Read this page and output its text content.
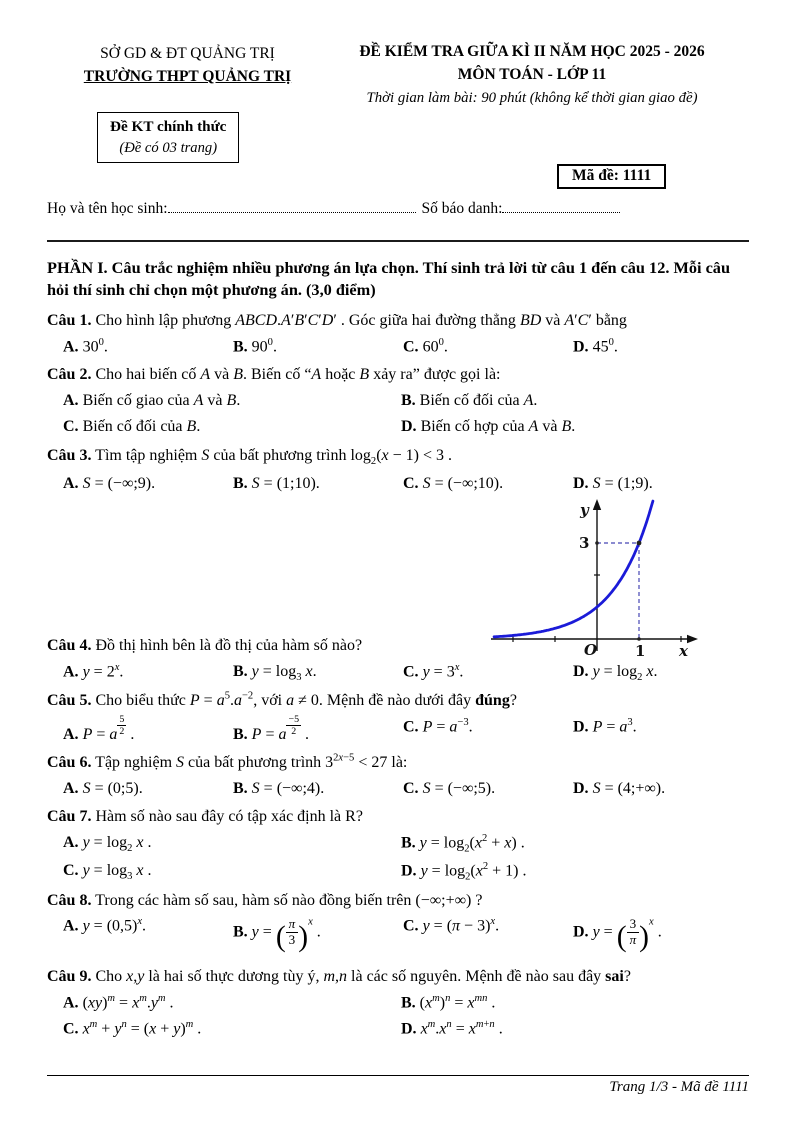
SỞ GD & ĐT QUẢNG TRỊ
TRƯỜNG THPT QUẢNG TRỊ
ĐỀ KIỂM TRA GIỮA KÌ II NĂM HỌC 2025 - 2026
MÔN TOÁN - LỚP 11
Thời gian làm bài: 90 phút (không kể thời gian giao đề)
Đề KT chính thức
(Đề có 03 trang)
Mã đề: 1111
Họ và tên học sinh:	Số báo danh:
PHẦN I. Câu trắc nghiệm nhiều phương án lựa chọn. Thí sinh trả lời từ câu 1 đến câu 12. Mỗi câu hỏi thí sinh chỉ chọn một phương án. (3,0 điểm)
Câu 1. Cho hình lập phương ABCD.A′B′C′D′ . Góc giữa hai đường thẳng BD và A′C′ bằng
A. $30^0$.	B. $90^0$.	C. $60^0$.	D. $45^0$.
Câu 2. Cho hai biến cố A và B. Biến cố “A hoặc B xảy ra” được gọi là:
A. Biến cố giao của A và B.	B. Biến cố đối của A.
C. Biến cố đối của B.	D. Biến cố hợp của A và B.
Câu 3. Tìm tập nghiệm S của bất phương trình $\log_2(x - 1) < 3$ .
A. S = (−∞;9).	B. S = (1;10).	C. S = (−∞;10).	D. S = (1;9).
y
x
O	1
3
Câu 4. Đồ thị hình bên là đồ thị của hàm số nào?
A. $y = 2^x$.	B. $y = \log_3 x$.	C. $y = 3^x$.	D. $y = \log_2 x$.
Câu 5. Cho biểu thức $P = a^5.a^{-2}$, với a ≠ 0. Mệnh đề nào dưới đây đúng?
A. P = a $^{\frac{5}{2}}$ .	B. P = a $^{\frac{-5}{2}}$ .	C. $P = a^{-3}$.	D. $P = a^3$.
Câu 6. Tập nghiệm S của bất phương trình $3^{2x-5} < 27$ là:
A. S = (0;5).	B. S = (−∞;4).	C. S = (−∞;5).	D. S = (4;+∞).
Câu 7. Hàm số nào sau đây có tập xác định là R?
A. $y = \log_2 x$ .	B. $y = \log_2(x^2 + x)$ .
C. $y = \log_3 x$ .	D. $y = \log_2(x^2 + 1)$ .
Câu 8. Trong các hàm số sau, hàm số nào đồng biến trên (−∞;+∞) ?
A. $y = (0,5)^x$.	B. y = ( $\frac{\pi}{3} )^x$ .	C. $y = (\pi - 3)^x$.	D. y = ( $\frac{3}{\pi} )^x$ .
Câu 9. Cho x,y là hai số thực dương tùy ý, m,n là các số nguyên. Mệnh đề nào sau đây sai?
A. $(xy)^m = x^m.y^m$ .	B. $(x^m)^n = x^{mn}$ .
C. $x^m + y^n = (x + y)^m$ .	D. $x^m.x^n = x^{m+n}$ .
Trang 1/3 - Mã đề 1111
